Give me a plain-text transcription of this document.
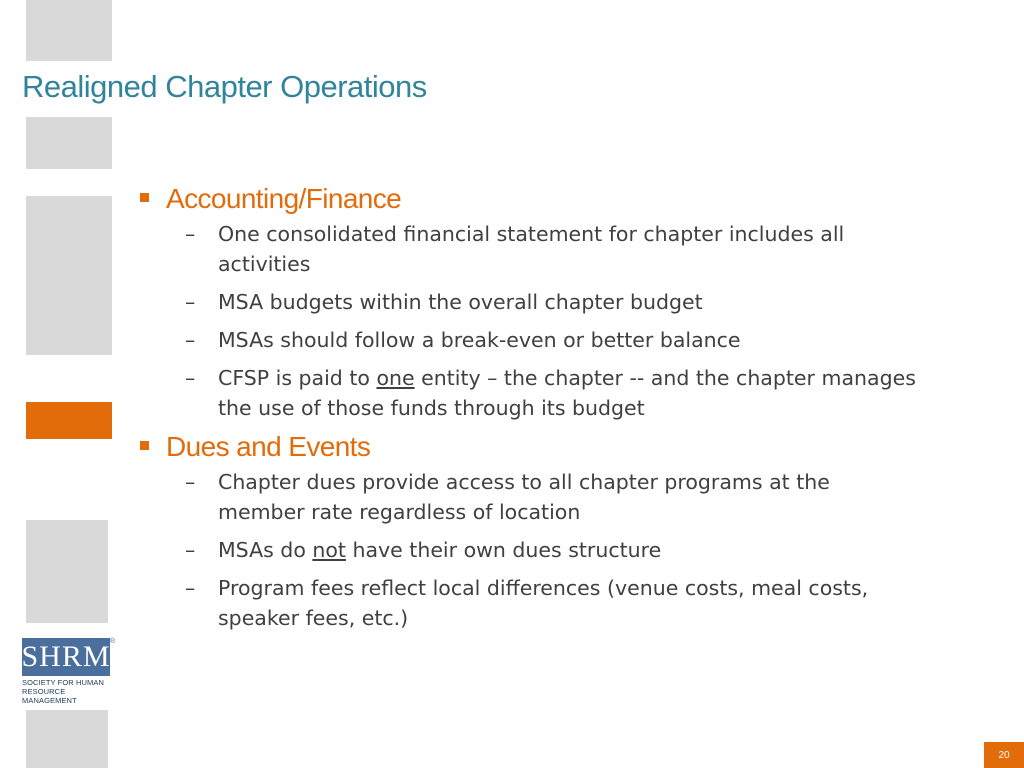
Realigned Chapter Operations
Accounting/Finance
– One consolidated financial statement for chapter includes all activities
– MSA budgets within the overall chapter budget
– MSAs should follow a break-even or better balance
– CFSP is paid to one entity – the chapter -- and the chapter manages the use of those funds through its budget
Dues and Events
– Chapter dues provide access to all chapter programs at the member rate regardless of location
– MSAs do not have their own dues structure
– Program fees reflect local differences (venue costs, meal costs, speaker fees, etc.)
SHRM ®
SOCIETY FOR HUMAN
RESOURCE MANAGEMENT
20
